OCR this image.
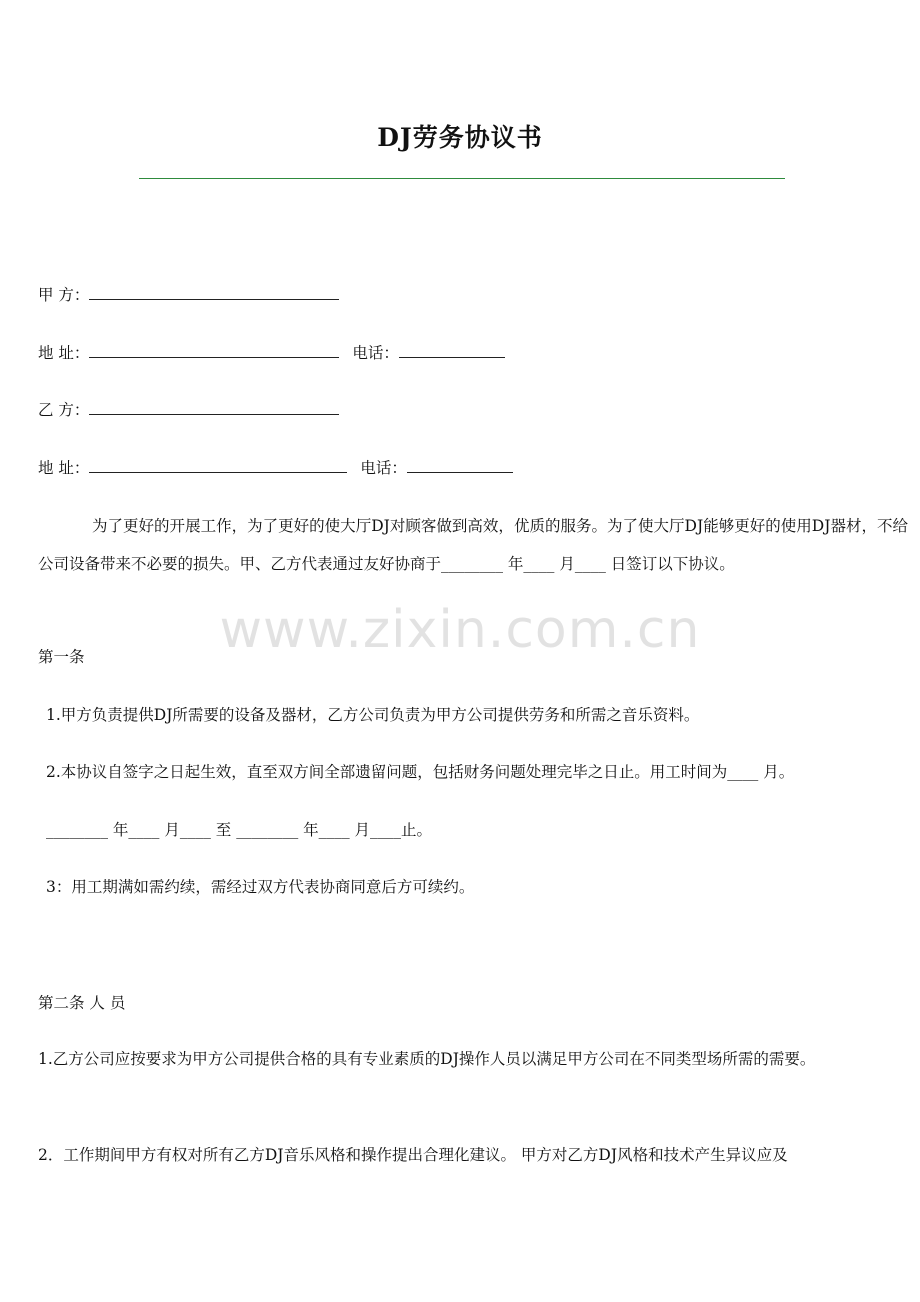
DJ劳务协议书
甲 方：
地 址：	电话：
乙 方：
地 址：	电话：
为了更好的开展工作，为了更好的使大厅DJ对顾客做到高效，优质的服务。为了使大厅DJ能够更好的使用DJ器材，不给公司设备带来不必要的损失。甲、乙方代表通过友好协商于________ 年____ 月____ 日签订以下协议。
www.zixin.com.cn
第一条
1.甲方负责提供DJ所需要的设备及器材，乙方公司负责为甲方公司提供劳务和所需之音乐资料。
2.本协议自签字之日起生效，直至双方间全部遗留问题，包括财务问题处理完毕之日止。用工时间为____ 月。
________ 年____ 月____ 至 ________ 年____ 月____止。
3：用工期满如需约续，需经过双方代表协商同意后方可续约。
第二条 人 员
1.乙方公司应按要求为甲方公司提供合格的具有专业素质的DJ操作人员以满足甲方公司在不同类型场所需的需要。
2．工作期间甲方有权对所有乙方DJ音乐风格和操作提出合理化建议。 甲方对乙方DJ风格和技术产生异议应及
